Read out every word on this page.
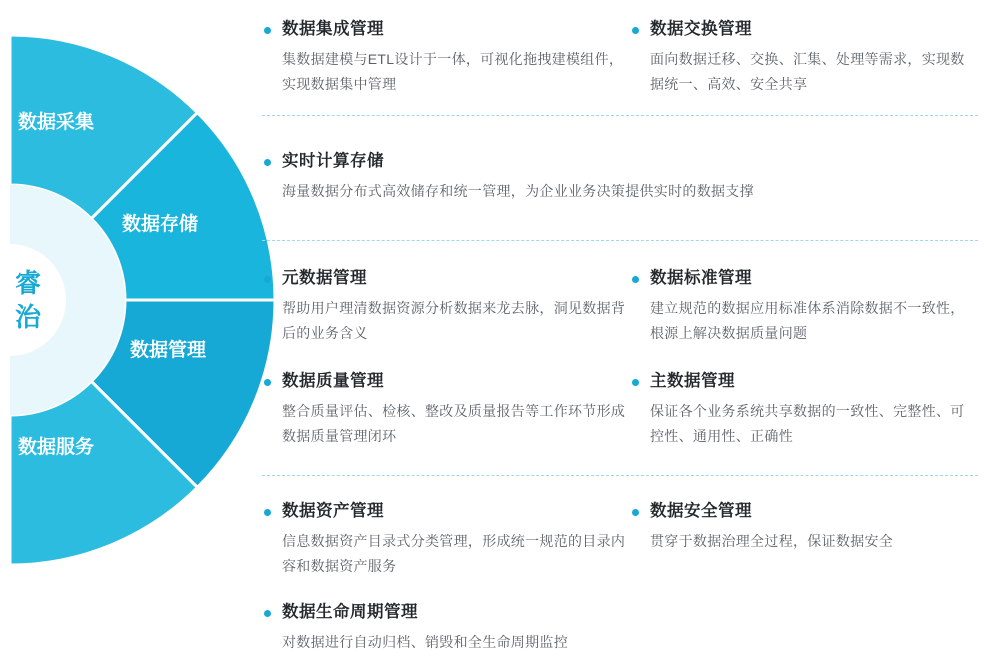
数据采集
数据存储
数据管理
数据服务
睿
治

数据集成管理

集数据建模与ETL设计于一体，可视化拖拽建模组件，实现数据集中管理

数据交换管理

面向数据迁移、交换、汇集、处理等需求，实现数据统一、高效、安全共享

实时计算存储

海量数据分布式高效储存和统一管理，为企业业务决策提供实时的数据支撑

元数据管理

帮助用户理清数据资源分析数据来龙去脉，洞见数据背后的业务含义

数据质量管理

整合质量评估、检核、整改及质量报告等工作环节形成数据质量管理闭环

数据标准管理

建立规范的数据应用标准体系消除数据不一致性，根源上解决数据质量问题

主数据管理

保证各个业务系统共享数据的一致性、完整性、可控性、通用性、正确性

数据资产管理

信息数据资产目录式分类管理，形成统一规范的目录内容和数据资产服务

数据生命周期管理

对数据进行自动归档、销毁和全生命周期监控

数据安全管理

贯穿于数据治理全过程，保证数据安全
